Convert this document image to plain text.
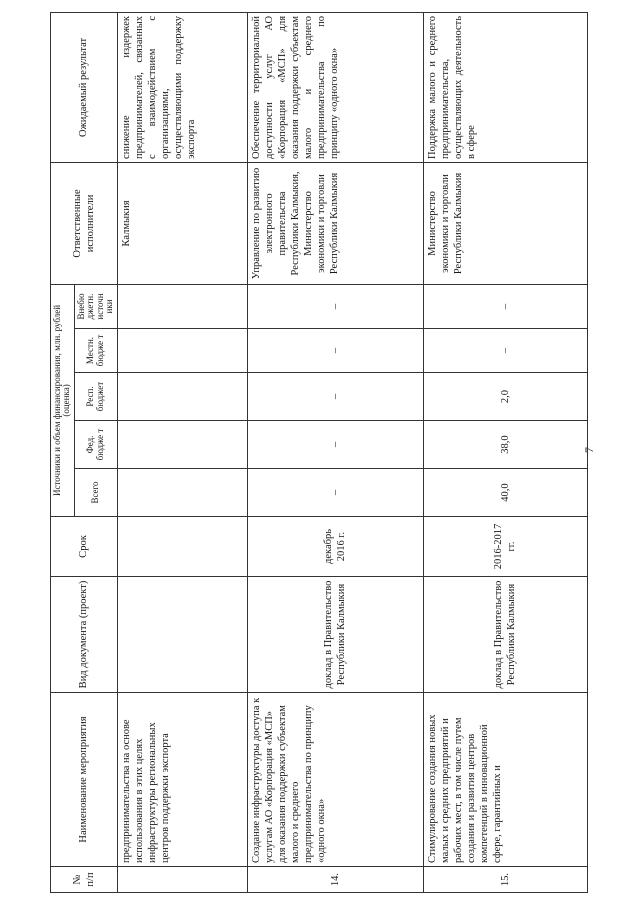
7
№ п/п	Наименование мероприятия	Вид документа (проект)	Срок	Источники и объем финансирования, млн. рублей (оценка)					Ответственные исполнители	Ожидаемый результат
				Всего	Фед. бюдже т	Респ. бюджет	Местн. бюдже т	Внебю джетн. источн ики		
	предпринимательства на основе использования в этих целях инфраструктуры региональных центров поддержки экспорта								Калмыкия	снижение издержек предпринимателей, связанных с взаимодействием с организациями, осуществляющими поддержку экспорта
14.	Создание инфраструктуры доступа к услугам АО «Корпорация «МСП» для оказания поддержки субъектам малого и среднего предпринимательства по принципу «одного окна»	доклад в Правительство Республики Калмыкия	декабрь 2016 г.	–	–	–	–	–	Управление по развитию электронного правительства Республики Калмыкия, Министерство экономики и торговли Республики Калмыкия	Обеспечение территориальной доступности услуг АО «Корпорация «МСП» для оказания поддержки субъектам малого и среднего предпринимательства по принципу «одного окна»
15.	Стимулирование создания новых малых и средних предприятий и рабочих мест, в том числе путем создания и развития центров компетенций в инновационной сфере, гарантийных и	доклад в Правительство Республики Калмыкия	2016-2017 гг.	40,0	38,0	2,0	–	–	Министерство экономики и торговли Республики Калмыкия	Поддержка малого и среднего предпринимательства, осуществляющих деятельность в сфере
